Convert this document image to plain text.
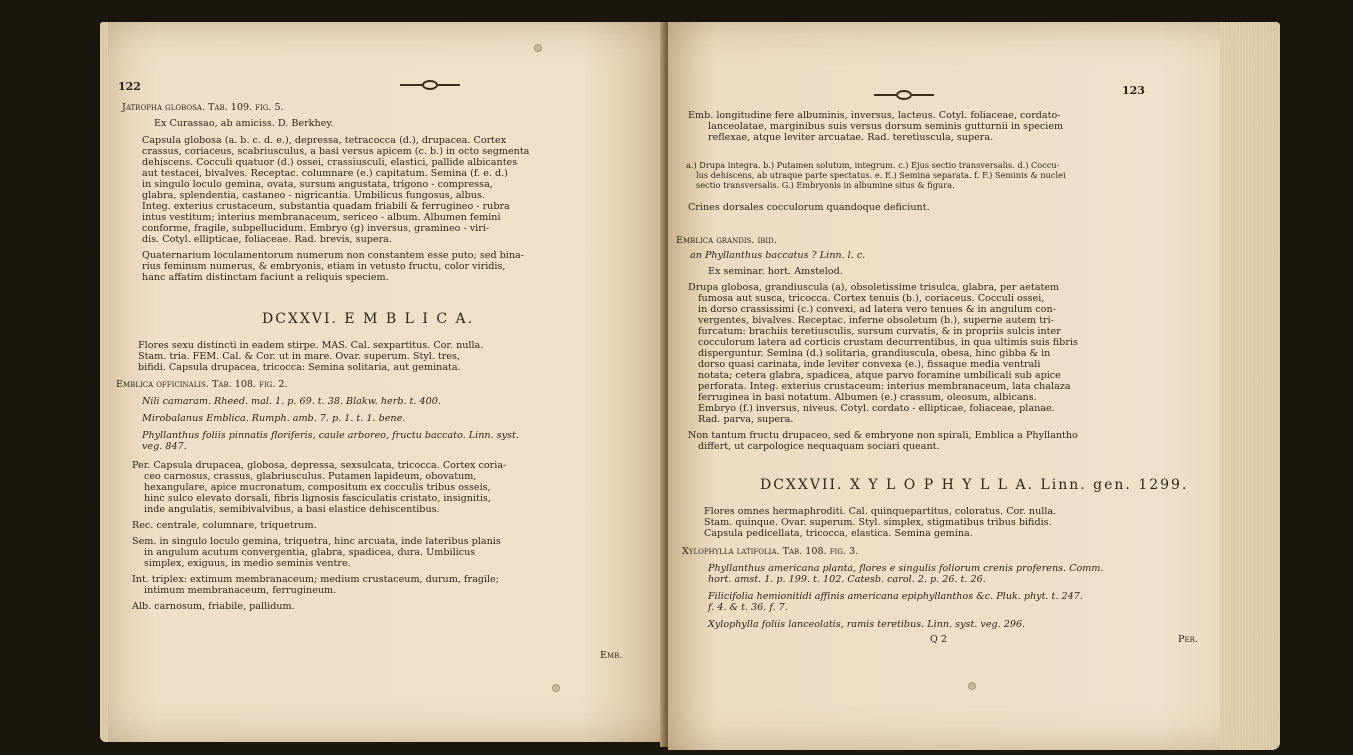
122
Jatropha globosa. Tab. 109. fig. 5.
Ex Curassao, ab amiciss. D. Berkhey.
Capsula globosa (a. b. c. d. e.), depressa, tetracocca (d.), drupacea. Cortex
crassus, coriaceus, scabriusculus, a basi versus apicem (c. b.) in octo segmenta
dehiscens. Cocculi quatuor (d.) ossei, crassiusculi, elastici, pallide albicantes
aut testacei, bivalves. Receptac. columnare (e.) capitatum. Semina (f. e. d.)
in singulo loculo gemina, ovata, sursum angustata, trigono - compressa,
glabra, splendentia, castaneo - nigricantia. Umbilicus fungosus, albus.
Integ. exterius crustaceum, substantia quadam friabili & ferrugineo - rubra
intus vestitum; interius membranaceum, sericeo - album. Albumen femini
conforme, fragile, subpellucidum. Embryo (g) inversus, gramineo - viri-
dis. Cotyl. ellipticae, foliaceae. Rad. brevis, supera.
Quaternarium loculamentorum numerum non constantem esse puto; sed bina-
rius feminum numerus, & embryonis, etiam in vetusto fructu, color viridis,
hanc affatim distinctam faciunt a reliquis speciem.
DCXXVI. E M B L I C A.
Flores sexu distincti in eadem stirpe. MAS. Cal. sexpartitus. Cor. nulla.
Stam. tria. FEM. Cal. & Cor. ut in mare. Ovar. superum. Styl. tres,
bifidi. Capsula drupacea, tricocca: Semina solitaria, aut geminata.
Emblica officinalis. Tab. 108. fig. 2.
Nili camaram. Rheed. mal. 1. p. 69. t. 38. Blakw. herb. t. 400.
Mirobalanus Emblica. Rumph. amb. 7. p. 1. t. 1. bene.
Phyllanthus foliis pinnatis floriferis, caule arboreo, fructu baccato. Linn. syst.
veg. 847.
Per. Capsula drupacea, globosa, depressa, sexsulcata, tricocca. Cortex coria-
ceo carnosus, crassus, glabriusculus. Putamen lapideum, obovatum,
hexangulare, apice mucronatum, compositum ex cocculis tribus osseis,
hinc sulco elevato dorsali, fibris lignosis fasciculatis cristato, insignitis,
inde angulatis, semibivalvibus, a basi elastice dehiscentibus.
Rec. centrale, columnare, triquetrum.
Sem. in singulo loculo gemina, triquetra, hinc arcuata, inde lateribus planis
in angulum acutum convergentia, glabra, spadicea, dura. Umbilicus
simplex, exiguus, in medio seminis ventre.
Int. triplex: extimum membranaceum; medium crustaceum, durum, fragile;
intimum membranaceum, ferrugineum.
Alb. carnosum, friabile, pallidum.
Emb.
123
Emb. longitudine fere albuminis, inversus, lacteus. Cotyl. foliaceae, cordato-
lanceolatae, marginibus suis versus dorsum seminis gutturnii in speciem
reflexae, atque leviter arcuatae. Rad. teretiuscula, supera.
a.) Drupa integra. b.) Putamen solutum, integrum. c.) Ejus sectio transversalis. d.) Coccu-
lus dehiscens, ab utraque parte spectatus. e. E.) Semina separata. f. F.) Seminis & nuclei
sectio transversalis. G.) Embryonis in albumine situs & figura.
Crines dorsales cocculorum quandoque deficiunt.
Emblica grandis. ibid.
an Phyllanthus baccatus ? Linn. l. c.
Ex seminar. hort. Amstelod.
Drupa globosa, grandiuscula (a), obsoletissime trisulca, glabra, per aetatem
fumosa aut susca, tricocca. Cortex tenuis (b.), coriaceus. Cocculi ossei,
in dorso crassissimi (c.) convexi, ad latera vero tenues & in angulum con-
vergentes, bivalves. Receptac. inferne obsoletum (b.), superne autem tri-
furcatum: brachiis teretiusculis, sursum curvatis, & in propriis sulcis inter
cocculorum latera ad corticis crustam decurrentibus, in qua ultimis suis fibris
disperguntur. Semina (d.) solitaria, grandiuscula, obesa, hinc gibba & in
dorso quasi carinata, inde leviter convexa (e.), fissaque media ventrali
notata; cetera glabra, spadicea, atque parvo foramine umbilicali sub apice
perforata. Integ. exterius crustaceum: interius membranaceum, lata chalaza
ferruginea in basi notatum. Albumen (e.) crassum, oleosum, albicans.
Embryo (f.) inversus, niveus. Cotyl. cordato - ellipticae, foliaceae, planae.
Rad. parva, supera.
Non tantum fructu drupaceo, sed & embryone non spirali, Emblica a Phyllantho
differt, ut carpologice nequaquam sociari queant.
DCXXVII. X Y L O P H Y L L A. Linn. gen. 1299.
Flores omnes hermaphroditi. Cal. quinquepartitus, coloratus. Cor. nulla.
Stam. quinque. Ovar. superum. Styl. simplex, stigmatibus tribus bifidis.
Capsula pedicellata, tricocca, elastica. Semina gemina.
Xylophylla latifolia. Tab. 108. fig. 3.
Phyllanthus americana planta, flores e singulis foliorum crenis proferens. Comm.
hort. amst. 1. p. 199. t. 102. Catesb. carol. 2. p. 26. t. 26.
Filicifolia hemionitidi affinis americana epiphyllanthos &c. Pluk. phyt. t. 247.
f. 4. & t. 36. f. 7.
Xylophylla foliis lanceolatis, ramis teretibus. Linn. syst. veg. 296.
Q 2	Per.
